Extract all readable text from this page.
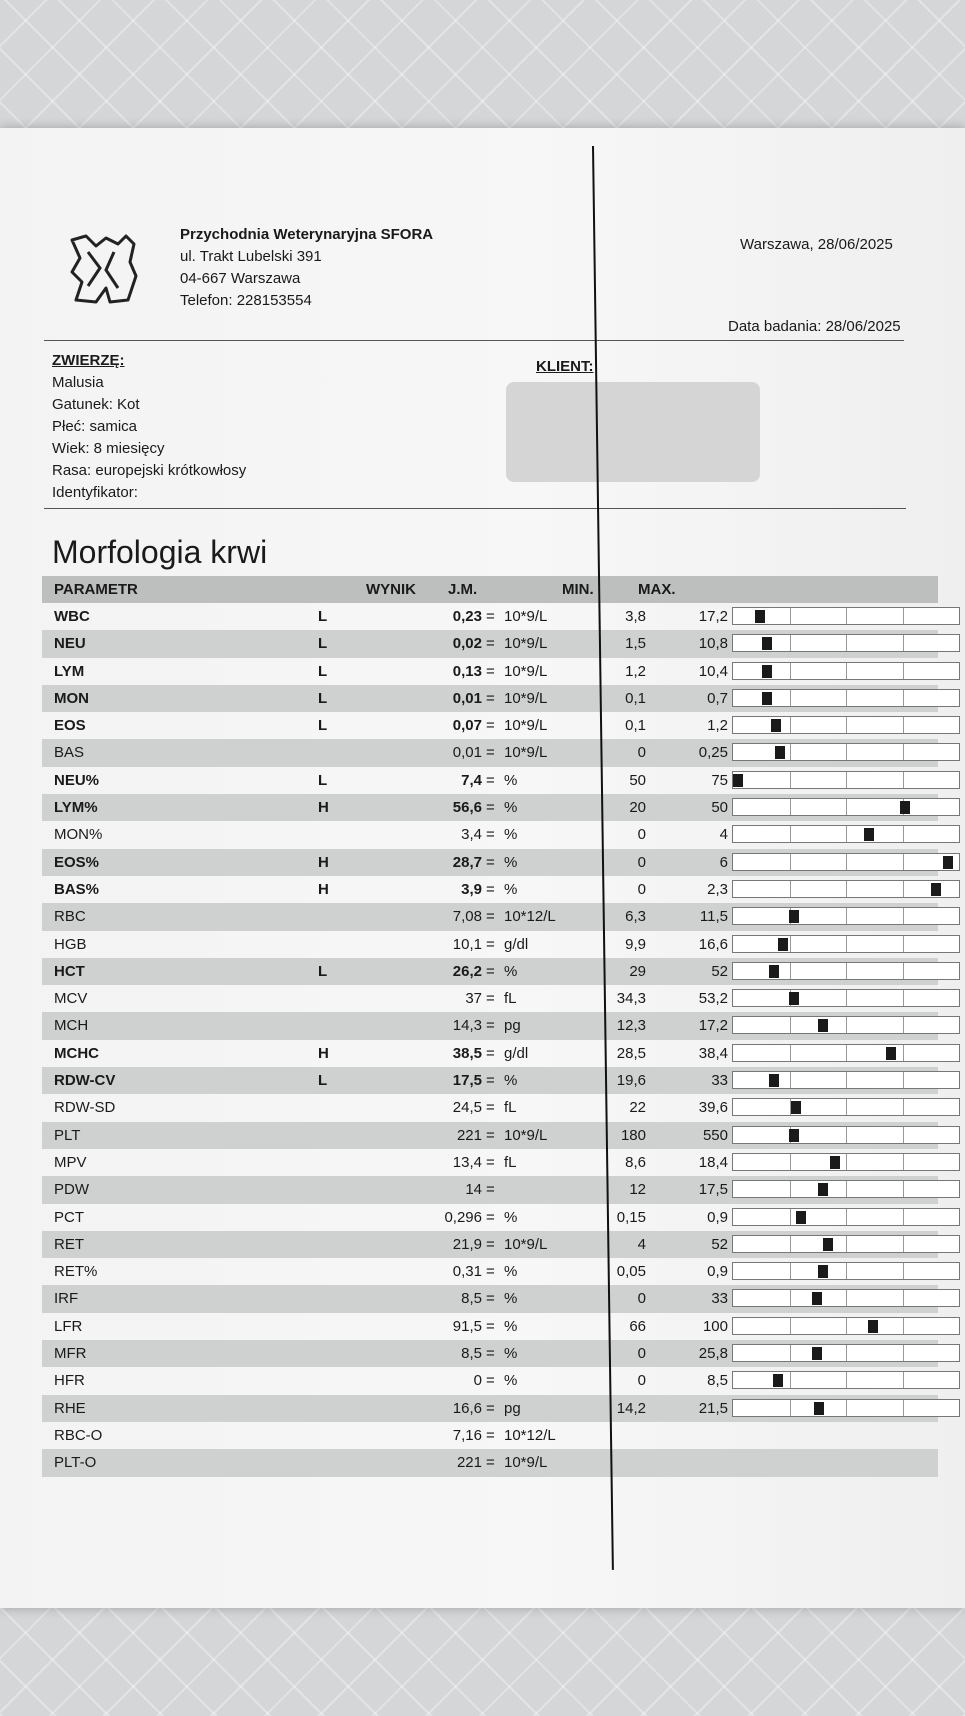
Przychodnia Weterynaryjna SFORA
ul. Trakt Lubelski 391
04-667 Warszawa
Telefon: 228153554
Warszawa, 28/06/2025
Data badania: 28/06/2025
ZWIERZĘ:
Malusia
Gatunek: Kot
Płeć: samica
Wiek: 8 miesięcy
Rasa: europejski krótkowłosy
Identyfikator:
KLIENT:
Morfologia krwi
PARAMETR	WYNIK J.M.	MIN.	MAX.
WBC	L	0,23 = 10*9/L	3,8	17,2
NEU	L	0,02 = 10*9/L	1,5	10,8
LYM	L	0,13 = 10*9/L	1,2	10,4
MON	L	0,01 = 10*9/L	0,1	0,7
EOS	L	0,07 = 10*9/L	0,1	1,2
BAS	0,01 = 10*9/L	0	0,25
NEU%	L	7,4 = %	50	75
LYM%	H	56,6 = %	20	50
MON%	3,4 = %	0	4
EOS%	H	28,7 = %	0	6
BAS%	H	3,9 = %	0	2,3
RBC	7,08 = 10*12/L	6,3	11,5
HGB	10,1 = g/dl	9,9	16,6
HCT	L	26,2 = %	29	52
MCV	37 = fL	34,3	53,2
MCH	14,3 = pg	12,3	17,2
MCHC	H	38,5 = g/dl	28,5	38,4
RDW-CV	L	17,5 = %	19,6	33
RDW-SD	24,5 = fL	22	39,6
PLT	221 = 10*9/L	180	550
MPV	13,4 = fL	8,6	18,4
PDW	14 =	12	17,5
PCT	0,296 = %	0,15	0,9
RET	21,9 = 10*9/L	4	52
RET%	0,31 = %	0,05	0,9
IRF	8,5 = %	0	33
LFR	91,5 = %	66	100
MFR	8,5 = %	0	25,8
HFR	0 = %	0	8,5
RHE	16,6 = pg	14,2	21,5
RBC-O	7,16 = 10*12/L
PLT-O	221 = 10*9/L
